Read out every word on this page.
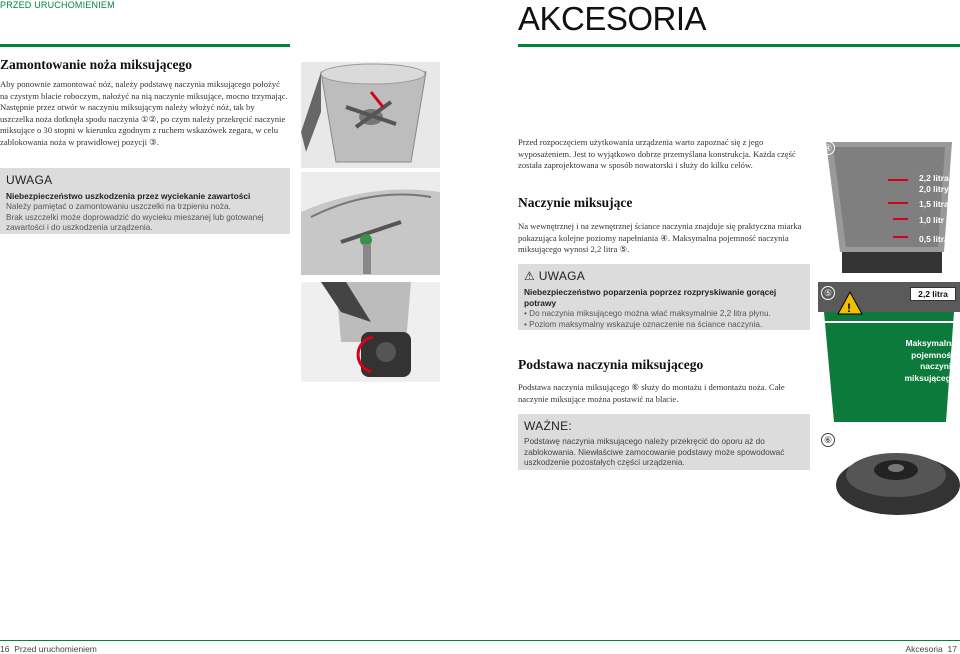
PRZED URUCHOMIENIEM	AKCESORIA
Zamontowanie noża miksującego
Aby ponownie zamontować nóż, należy podstawę naczynia miksującego położyć na czystym blacie roboczym, nałożyć na nią naczynie miksujące, mocno trzymając. Następnie przez otwór w naczyniu miksującym należy włożyć nóż, tak by uszczelka noża dotknęła spodu naczynia ①②, po czym należy przekręcić naczynie miksujące o 30 stopni w kierunku zgodnym z ruchem wskazówek zegara, w celu zablokowania noża w prawidłowej pozycji ③.
UWAGA
Niebezpieczeństwo uszkodzenia przez wyciekanie zawartości
Należy pamiętać o zamontowaniu uszczelki na trzpieniu noża.
Brak uszczelki może doprowadzić do wycieku mieszanej lub gotowanej zawartości i do uszkodzenia urządzenia.
Przed rozpoczęciem użytkowania urządzenia warto zapoznać się z jego wyposażeniem. Jest to wyjątkowo dobrze przemyślana konstrukcja. Każda część została zaprojektowana w sposób nowatorski i służy do kilku celów.
Naczynie miksujące
Na wewnętrznej i na zewnętrznej ściance naczynia znajduje się praktyczna miarka pokazująca kolejne poziomy napełniania ④. Maksymalna pojemność naczynia miksującego wynosi 2,2 litra ⑤.
⚠ UWAGA
Niebezpieczeństwo poparzenia poprzez rozpryskiwanie gorącej potrawy
• Do naczynia miksującego można wlać maksymalnie 2,2 litra płynu.
• Poziom maksymalny wskazuje oznaczenie na ściance naczynia.
Podstawa naczynia miksującego
Podstawa naczynia miksującego ⑥ służy do montażu i demontażu noża. Całe naczynie miksujące można postawić na blacie.
WAŻNE:
Podstawę naczynia miksującego należy przekręcić do oporu aż do zablokowania. Niewłaściwe zamocowanie podstawy może spowodować uszkodzenie pozostałych części urządzenia.
④
2,2 litra
2,0 litry
1,5 litra
1,0 litr
0,5 litra
!
⑤	2,2 litra
Maksymalna pojemność naczynia miksującego
⑥
16 Przed uruchomieniem	Akcesoria 17
